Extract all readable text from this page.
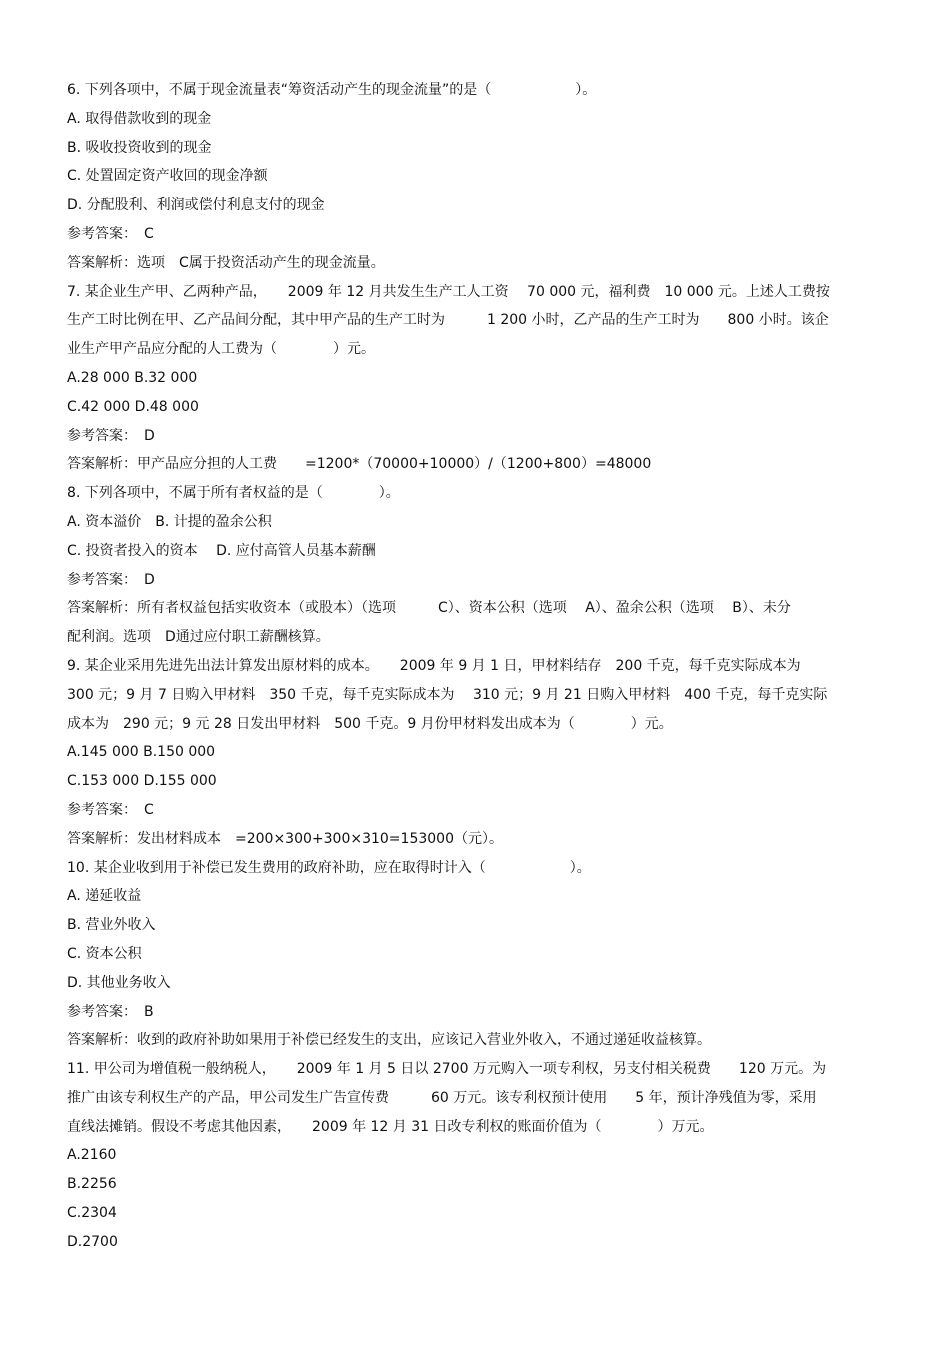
6. 下列各项中，不属于现金流量表“筹资活动产生的现金流量”的是（　　　　　　）。
A. 取得借款收到的现金
B. 吸收投资收到的现金
C. 处置固定资产收回的现金净额
D. 分配股利、利润或偿付利息支付的现金
参考答案：　C
答案解析：选项　C属于投资活动产生的现金流量。
7. 某企业生产甲、乙两种产品，　　2009 年 12 月共发生生产工人工资　 70 000 元，福利费　10 000 元。上述人工费按
生产工时比例在甲、乙产品间分配，其中甲产品的生产工时为　　　1 200 小时，乙产品的生产工时为　　800 小时。该企
业生产甲产品应分配的人工费为（　　　　）元。
A.28 000 B.32 000
C.42 000 D.48 000
参考答案：　D
答案解析：甲产品应分担的人工费　　=1200*（70000+10000）/（1200+800）=48000
8. 下列各项中，不属于所有者权益的是（　　　　）。
A. 资本溢价　B. 计提的盈余公积
C. 投资者投入的资本　 D. 应付高管人员基本薪酬
参考答案：　D
答案解析：所有者权益包括实收资本（或股本）（选项　　　C）、资本公积（选项　 A）、盈余公积（选项　 B）、未分
配利润。选项　D通过应付职工薪酬核算。
9. 某企业采用先进先出法计算发出原材料的成本。　　2009 年 9 月 1 日，甲材料结存　200 千克，每千克实际成本为
300 元；9 月 7 日购入甲材料　350 千克，每千克实际成本为　 310 元；9 月 21 日购入甲材料　400 千克，每千克实际
成本为　290 元；9 元 28 日发出甲材料　500 千克。9 月份甲材料发出成本为（　　　　）元。
A.145 000 B.150 000
C.153 000 D.155 000
参考答案：　C
答案解析：发出材料成本　=200×300+300×310=153000（元）。
10. 某企业收到用于补偿已发生费用的政府补助，应在取得时计入（　　　　　　）。
A. 递延收益
B. 营业外收入
C. 资本公积
D. 其他业务收入
参考答案：　B
答案解析：收到的政府补助如果用于补偿已经发生的支出，应该记入营业外收入，不通过递延收益核算。
11. 甲公司为增值税一般纳税人，　　2009 年 1 月 5 日以 2700 万元购入一项专利权，另支付相关税费　　120 万元。为
推广由该专利权生产的产品，甲公司发生广告宣传费　　　60 万元。该专利权预计使用　　5 年，预计净残值为零，采用
直线法摊销。假设不考虑其他因素，　　2009 年 12 月 31 日改专利权的账面价值为（　　　　）万元。
A.2160
B.2256
C.2304
D.2700
